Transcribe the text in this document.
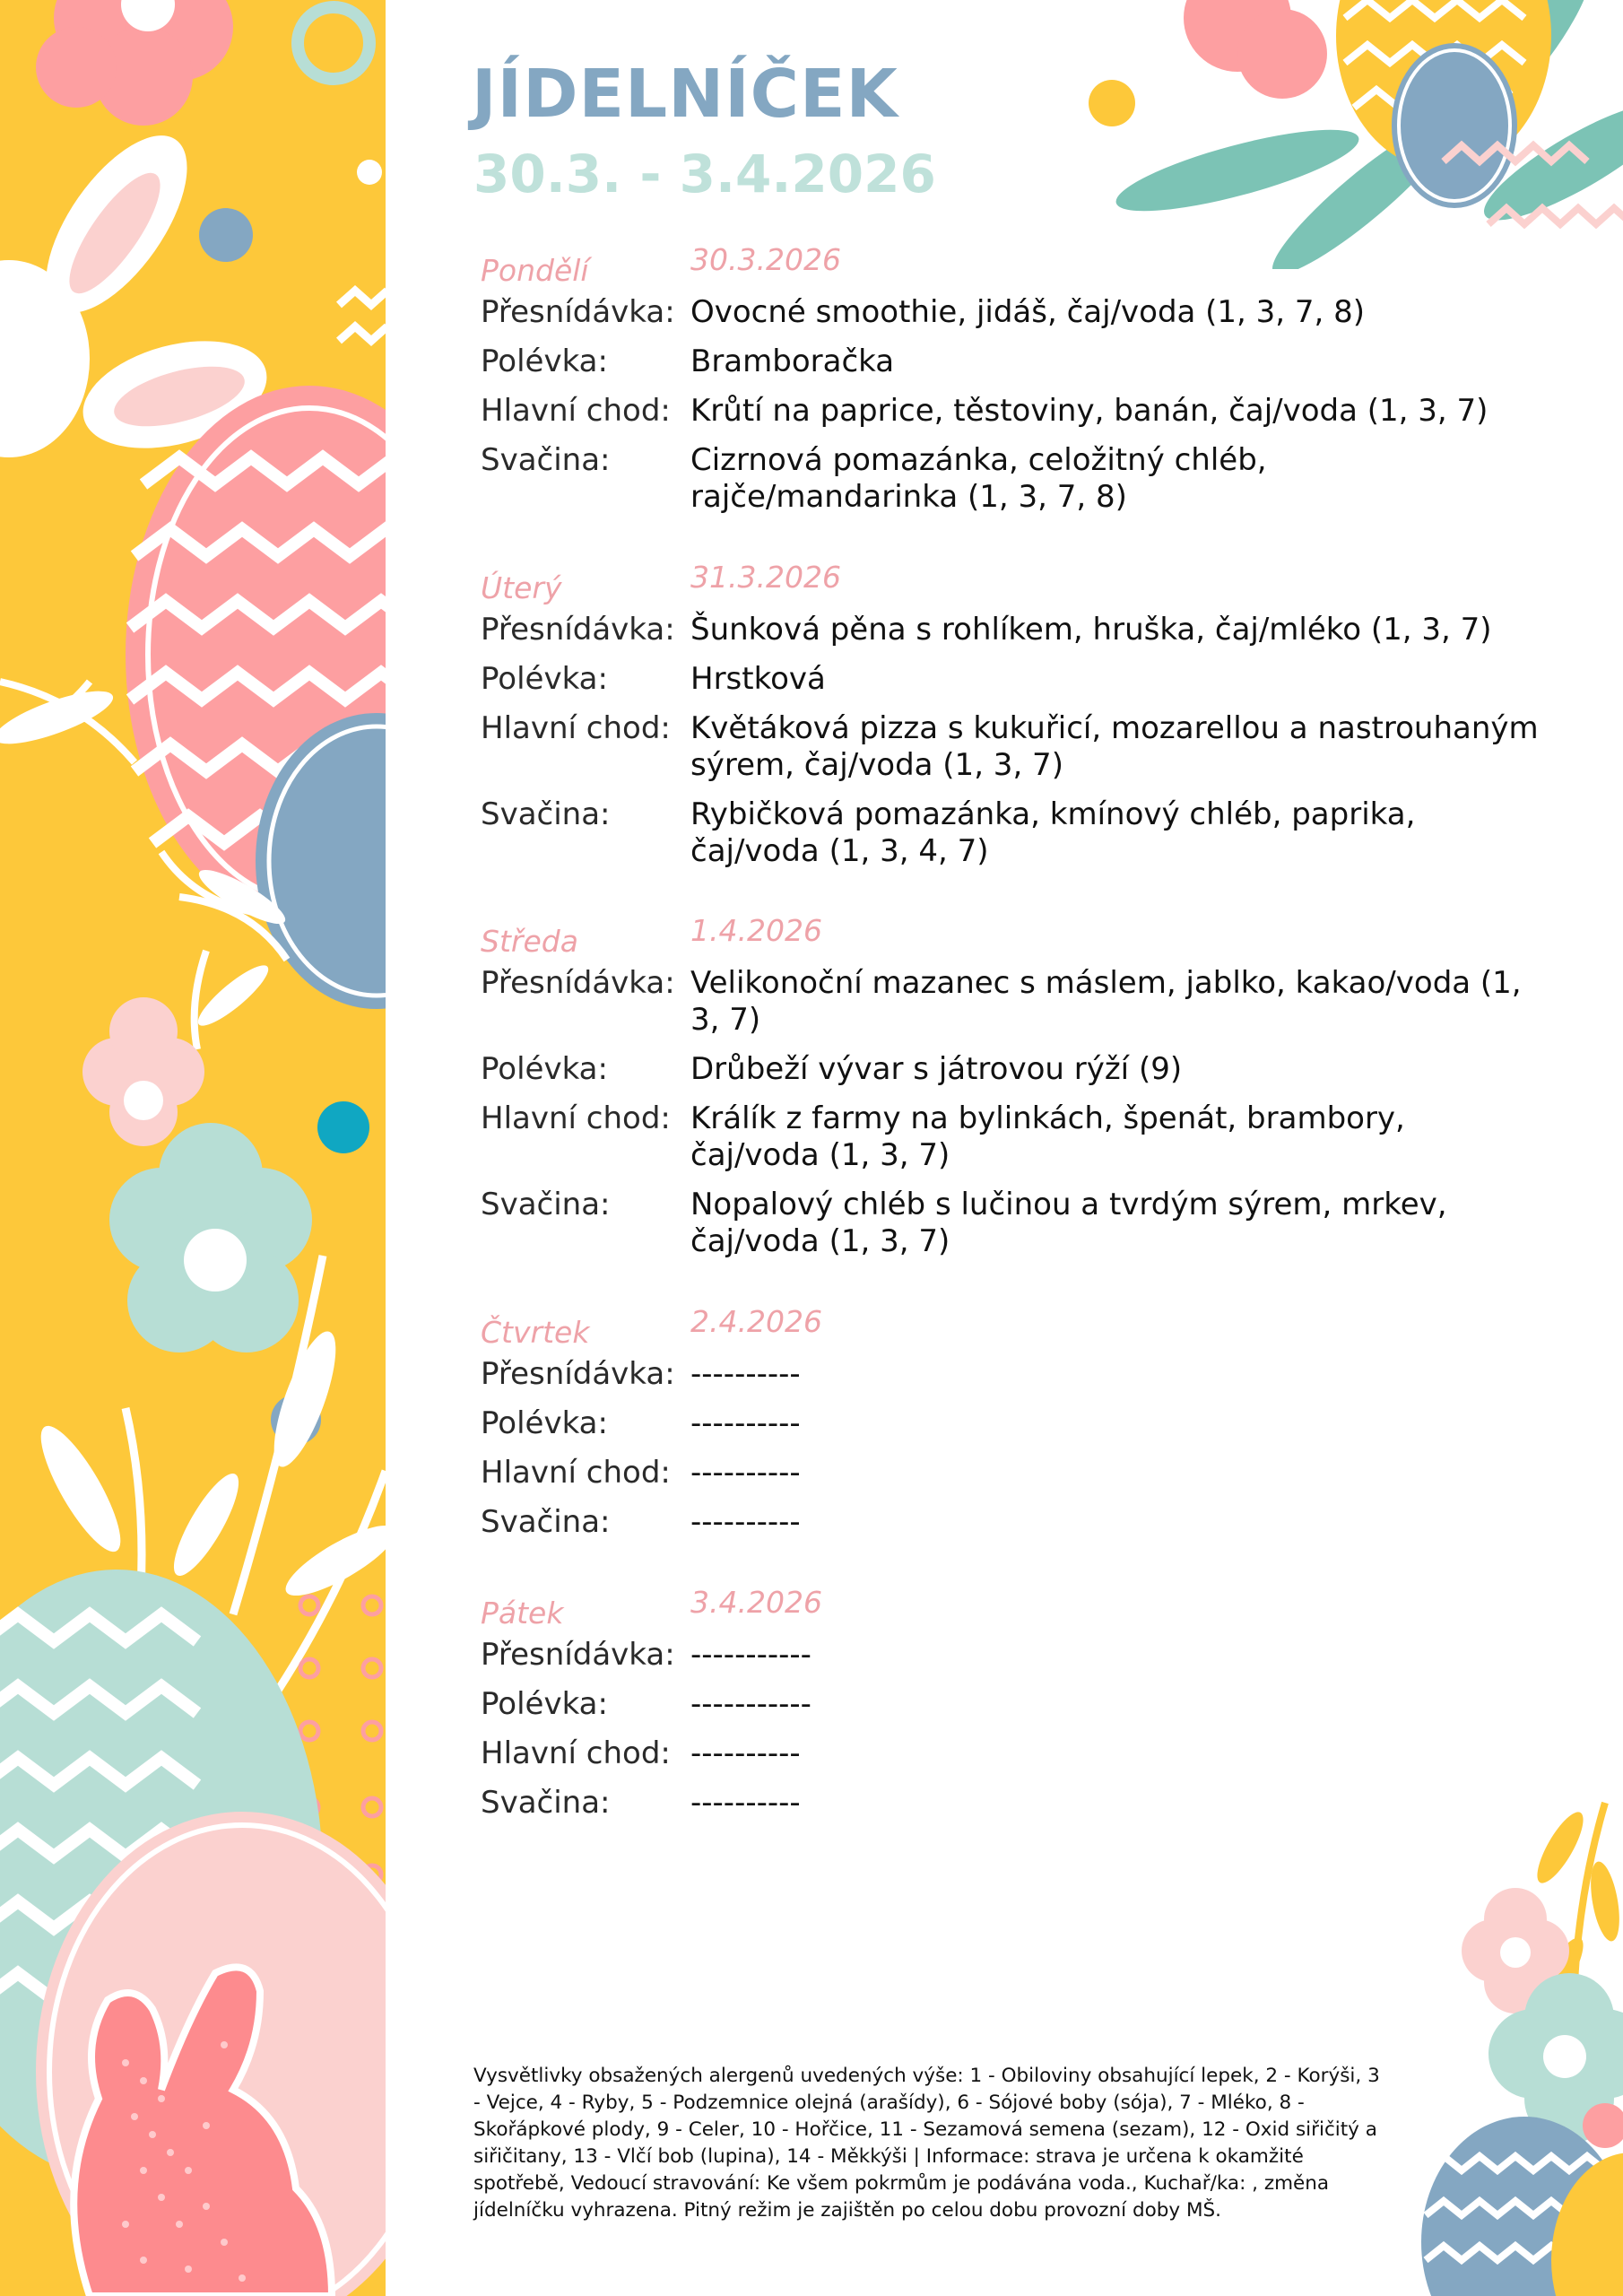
JÍDELNÍČEK
30.3. - 3.4.2026
Pondělí	30.3.2026
Přesnídávka: Ovocné smoothie, jidáš, čaj/voda (1, 3, 7, 8)
Polévka:	Bramboračka
Hlavní chod: Krůtí na paprice, těstoviny, banán, čaj/voda (1, 3, 7)
Svačina:	Cizrnová pomazánka, celožitný chléb, rajče/mandarinka (1, 3, 7, 8)
Úterý	31.3.2026
Přesnídávka: Šunková pěna s rohlíkem, hruška, čaj/mléko (1, 3, 7)
Polévka:	Hrstková
Hlavní chod: Květáková pizza s kukuřicí, mozarellou a nastrouhaným sýrem, čaj/voda (1, 3, 7)
Svačina:	Rybičková pomazánka, kmínový chléb, paprika, čaj/voda (1, 3, 4, 7)
Středa	1.4.2026
Přesnídávka: Velikonoční mazanec s máslem, jablko, kakao/voda (1, 3, 7)
Polévka:	Drůbeží vývar s játrovou rýží (9)
Hlavní chod: Králík z farmy na bylinkách, špenát, brambory, čaj/voda (1, 3, 7)
Svačina:	Nopalový chléb s lučinou a tvrdým sýrem, mrkev, čaj/voda (1, 3, 7)
Čtvrtek	2.4.2026
Přesnídávka: ----------
Polévka:	----------
Hlavní chod: ----------
Svačina:	----------
Pátek	3.4.2026
Přesnídávka: -----------
Polévka:	-----------
Hlavní chod: ----------
Svačina:	----------

Vysvětlivky obsažených alergenů uvedených výše: 1 - Obiloviny obsahující lepek, 2 - Korýši, 3 - Vejce, 4 - Ryby, 5 - Podzemnice olejná (arašídy), 6 - Sójové boby (sója), 7 - Mléko, 8 - Skořápkové plody, 9 - Celer, 10 - Hořčice, 11 - Sezamová semena (sezam), 12 - Oxid siřičitý a siřičitany, 13 - Vlčí bob (lupina), 14 - Měkkýši | Informace: strava je určena k okamžité spotřebě, Vedoucí stravování: Ke všem pokrmům je podávána voda., Kuchař/ka: , změna jídelníčku vyhrazena. Pitný režim je zajištěn po celou dobu provozní doby MŠ.
